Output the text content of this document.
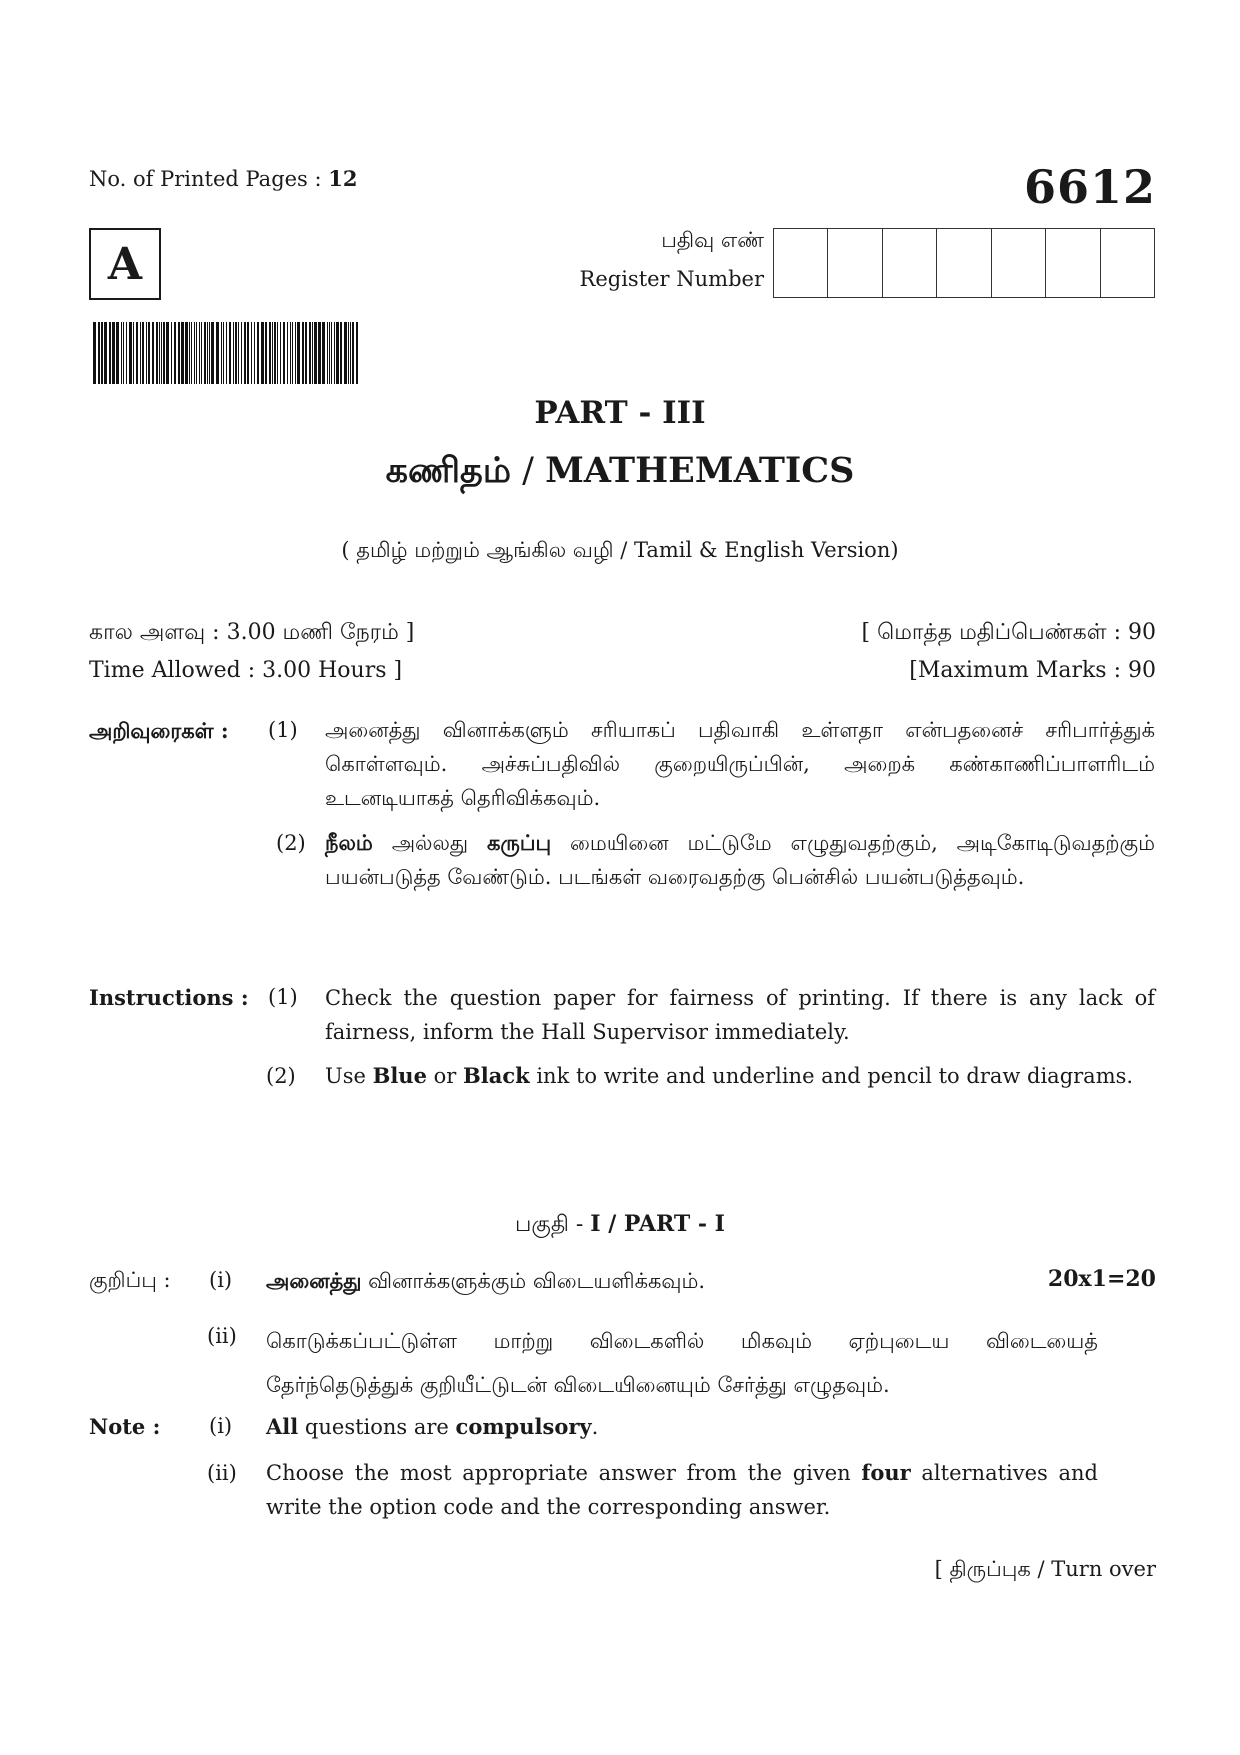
No. of Printed Pages : 12	6612
A	பதிவு எண்
Register Number
PART - III
கணிதம் / MATHEMATICS
( தமிழ் மற்றும் ஆங்கில வழி / Tamil & English Version)
கால அளவு : 3.00 மணி நேரம் ]
Time Allowed : 3.00 Hours ]
[ மொத்த மதிப்பெண்கள் : 90
[Maximum Marks : 90
அறிவுரைகள் : (1) அனைத்து வினாக்களும் சரியாகப் பதிவாகி உள்ளதா என்பதனைச் சரிபார்த்துக் கொள்ளவும். அச்சுப்பதிவில் குறையிருப்பின், அறைக் கண்காணிப்பாளரிடம் உடனடியாகத் தெரிவிக்கவும்.
(2) நீலம் அல்லது கருப்பு மையினை மட்டுமே எழுதுவதற்கும், அடிகோடிடுவதற்கும் பயன்படுத்த வேண்டும். படங்கள் வரைவதற்கு பென்சில் பயன்படுத்தவும்.
Instructions : (1) Check the question paper for fairness of printing. If there is any lack of fairness, inform the Hall Supervisor immediately.
(2) Use Blue or Black ink to write and underline and pencil to draw diagrams.
பகுதி - I / PART - I
குறிப்பு : (i) அனைத்து வினாக்களுக்கும் விடையளிக்கவும்.	20x1=20
(ii) கொடுக்கப்பட்டுள்ள மாற்று விடைகளில் மிகவும் ஏற்புடைய விடையைத் தேர்ந்தெடுத்துக் குறியீட்டுடன் விடையினையும் சேர்த்து எழுதவும்.
Note : (i) All questions are compulsory.
(ii) Choose the most appropriate answer from the given four alternatives and write the option code and the corresponding answer.
[ திருப்புக / Turn over
